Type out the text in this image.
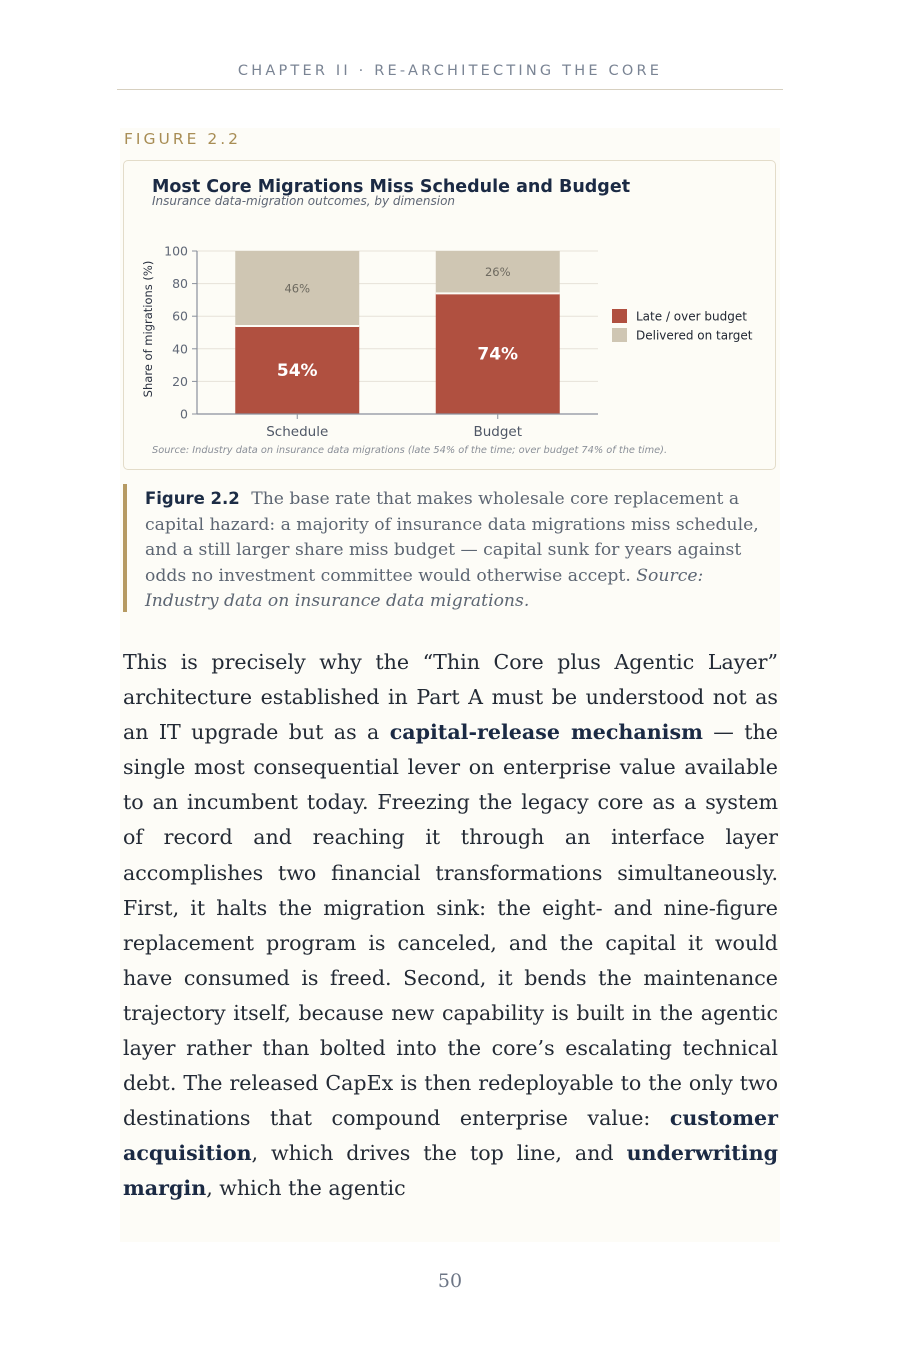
CHAPTER II · RE-ARCHITECTING THE CORE
FIGURE 2.2
Most Core Migrations Miss Schedule and Budget
Insurance data-migration outcomes, by dimension
Share of migrations (%)	54%
46%
74%
26%
0
20
40
60
80
100
Schedule	Budget
Late / over budget
Delivered on target
Source: Industry data on insurance data migrations (late 54% of the time; over budget 74% of the time).
Figure 2.2 The base rate that makes wholesale core replacement a capital hazard: a majority of insurance data migrations miss schedule, and a still larger share miss budget — capital sunk for years against odds no investment committee would otherwise accept. Source: Industry data on insurance data migrations.

This is precisely why the “Thin Core plus Agentic Layer” architecture established in Part A must be understood not as an IT upgrade but as a capital-release mechanism — the single most consequential lever on enterprise value available to an incumbent today. Freezing the legacy core as a system of record and reaching it through an interface layer accomplishes two financial transformations simultaneously. First, it halts the migration sink: the eight- and nine-figure replacement program is canceled, and the capital it would have consumed is freed. Second, it bends the maintenance trajectory itself, because new capability is built in the agentic layer rather than bolted into the core’s escalating technical debt. The released CapEx is then redeployable to the only two destinations that compound enterprise value: customer acquisition, which drives the top line, and underwriting margin, which the agentic

50
